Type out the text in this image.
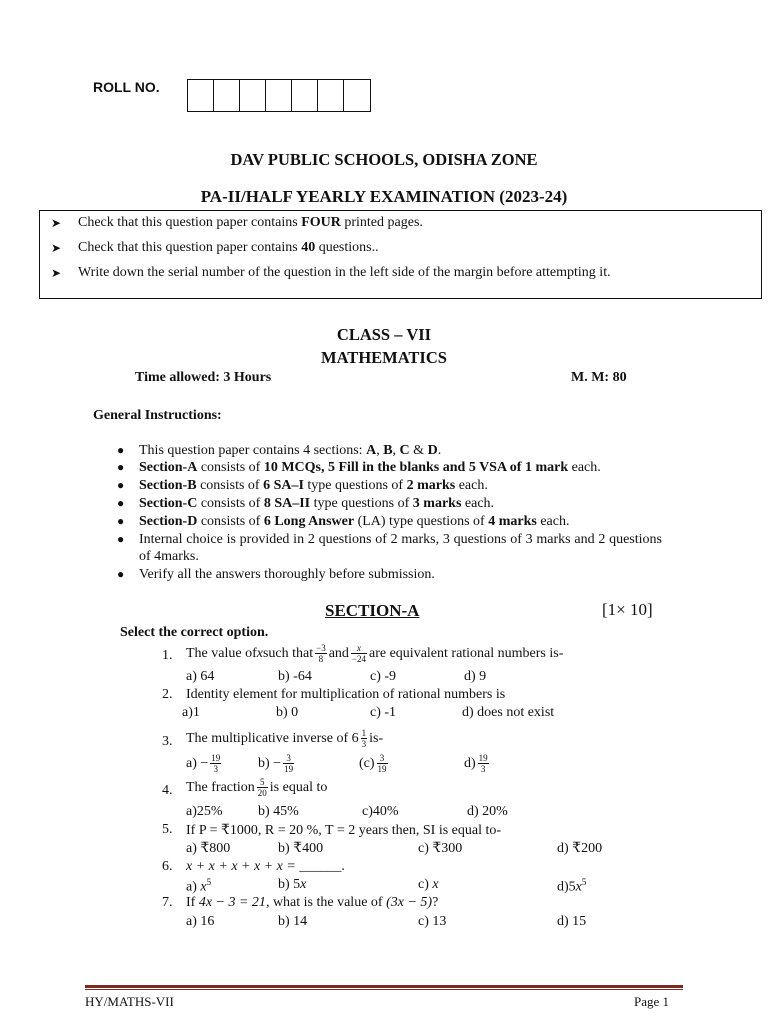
ROLL NO.
DAV PUBLIC SCHOOLS, ODISHA ZONE
PA-II/HALF YEARLY EXAMINATION (2023-24)
➤	Check that this question paper contains FOUR printed pages.
➤	Check that this question paper contains 40 questions..
➤	Write down the serial number of the question in the left side of the margin before attempting it.
CLASS – VII
MATHEMATICS
Time allowed: 3 Hours	M. M: 80
General Instructions:
●	This question paper contains 4 sections: A, B, C & D.
●	Section-A consists of 10 MCQs, 5 Fill in the blanks and 5 VSA of 1 mark each.
●	Section-B consists of 6 SA–I type questions of 2 marks each.
●	Section-C consists of 8 SA–II type questions of 3 marks each.
●	Section-D consists of 6 Long Answer (LA) type questions of 4 marks each.
●	Internal choice is provided in 2 questions of 2 marks, 3 questions of 3 marks and 2 questions of 4marks.
●	Verify all the answers thoroughly before submission.
SECTION-A	[1× 10]
Select the correct option.
1. The value of x such that $\frac{-3}{8}$ and $\frac{x}{-24}$ are equivalent rational numbers is-
a) 64	b) -64	c) -9	d) 9
2. Identity element for multiplication of rational numbers is
a)1	b) 0	c) -1	d) does not exist
3. The multiplicative inverse of $6 \frac{1}{3} is-$
$a) - \frac{19}{3}$	$b) - \frac{3}{19}$	$(c) \frac{3}{19}$	$d) \frac{19}{3}$
4. The fraction $\frac{5}{20}$ is equal to
a)25%	b) 45%	c)40%	d) 20%
5. If P = ₹1000, R = 20 %, T = 2 years then, SI is equal to-
a) ₹800	b) ₹400	c) ₹300	d) ₹200
6. x + x + x + x + x = ______.
a) $x^5$	b) 5x	c) x	$d)5x^5$
7. If 4x − 3 = 21, what is the value of (3x − 5)?
a) 16	b) 14	c) 13	d) 15
HY/MATHS-VII	Page 1
